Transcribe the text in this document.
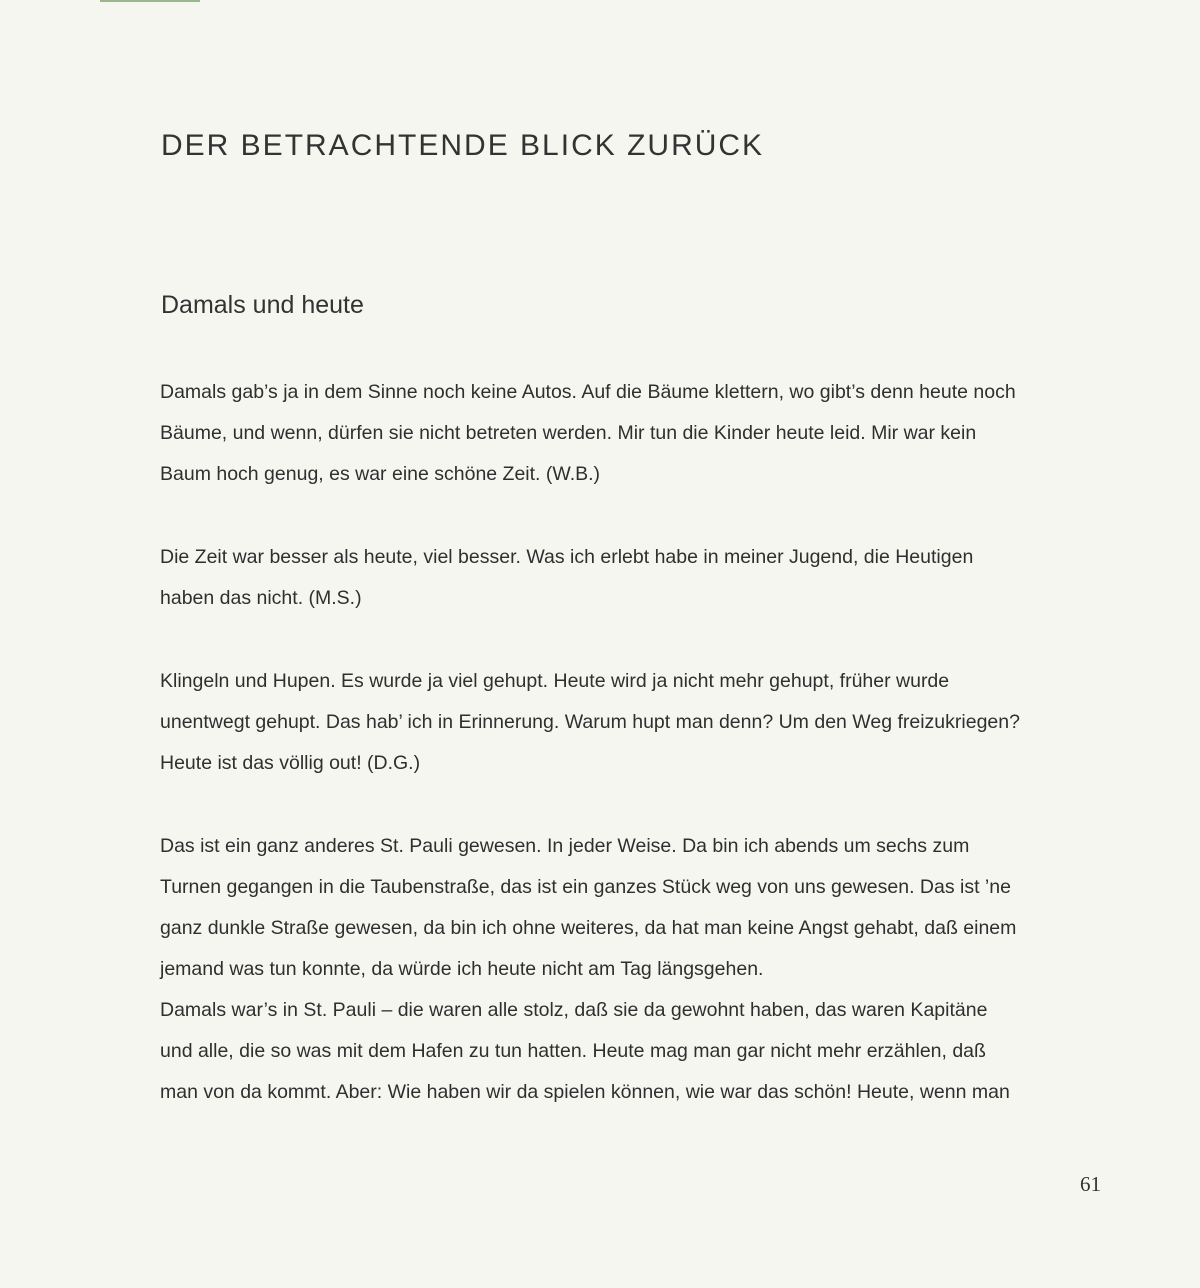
DER BETRACHTENDE BLICK ZURÜCK
Damals und heute

Damals gab’s ja in dem Sinne noch keine Autos. Auf die Bäume klettern, wo gibt’s denn heute noch
Bäume, und wenn, dürfen sie nicht betreten werden. Mir tun die Kinder heute leid. Mir war kein
Baum hoch genug, es war eine schöne Zeit. (W.B.)

Die Zeit war besser als heute, viel besser. Was ich erlebt habe in meiner Jugend, die Heutigen
haben das nicht. (M.S.)

Klingeln und Hupen. Es wurde ja viel gehupt. Heute wird ja nicht mehr gehupt, früher wurde
unentwegt gehupt. Das hab’ ich in Erinnerung. Warum hupt man denn? Um den Weg freizukriegen?
Heute ist das völlig out! (D.G.)

Das ist ein ganz anderes St. Pauli gewesen. In jeder Weise. Da bin ich abends um sechs zum
Turnen gegangen in die Taubenstraße, das ist ein ganzes Stück weg von uns gewesen. Das ist ’ne
ganz dunkle Straße gewesen, da bin ich ohne weiteres, da hat man keine Angst gehabt, daß einem
jemand was tun konnte, da würde ich heute nicht am Tag längsgehen.
Damals war’s in St. Pauli – die waren alle stolz, daß sie da gewohnt haben, das waren Kapitäne
und alle, die so was mit dem Hafen zu tun hatten. Heute mag man gar nicht mehr erzählen, daß
man von da kommt. Aber: Wie haben wir da spielen können, wie war das schön! Heute, wenn man

61
